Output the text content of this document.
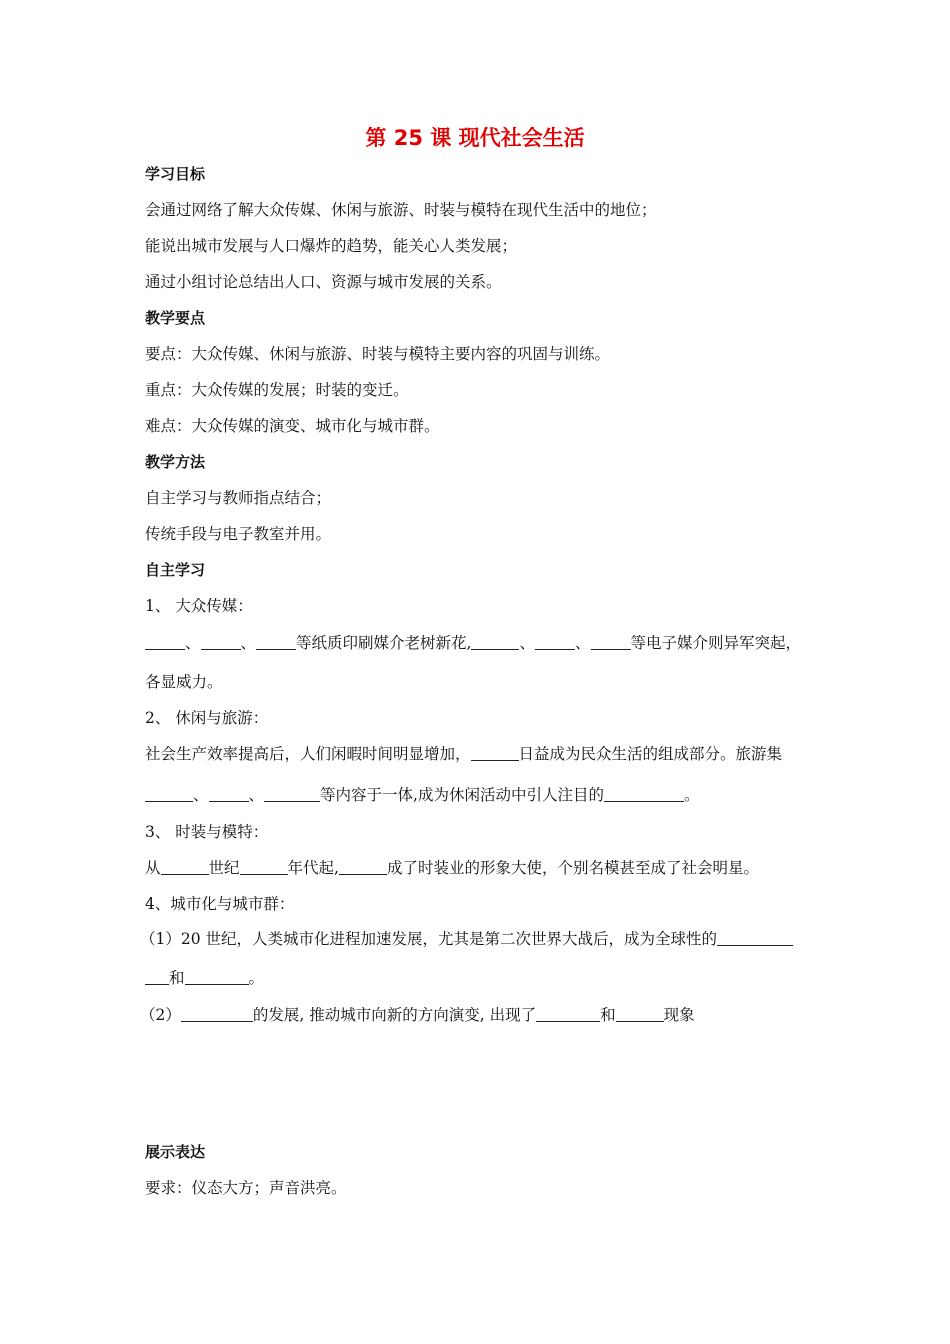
第 25 课 现代社会生活
学习目标
会通过网络了解大众传媒、休闲与旅游、时装与模特在现代生活中的地位；
能说出城市发展与人口爆炸的趋势，能关心人类发展；
通过小组讨论总结出人口、资源与城市发展的关系。
教学要点
要点：大众传媒、休闲与旅游、时装与模特主要内容的巩固与训练。
重点：大众传媒的发展；时装的变迁。
难点：大众传媒的演变、城市化与城市群。
教学方法
自主学习与教师指点结合；
传统手段与电子教室并用。
自主学习
1、 大众传媒：
、	、	等纸质印刷媒介老树新花,	、	、	等电子媒介则异军突起，
各显威力。
2、 休闲与旅游：
社会生产效率提高后，人们闲暇时间明显增加，	日益成为民众生活的组成部分。旅游集
、	、	等内容于一体,成为休闲活动中引人注目的	。
3、 时装与模特：
从	世纪	年代起,	成了时装业的形象大使，个别名模甚至成了社会明星。
4、城市化与城市群：
（1）20 世纪，人类城市化进程加速发展，尤其是第二次世界大战后，成为全球性的
和	。
（2）	的发展, 推动城市向新的方向演变, 出现了	和	现象
展示表达
要求：仪态大方；声音洪亮。
